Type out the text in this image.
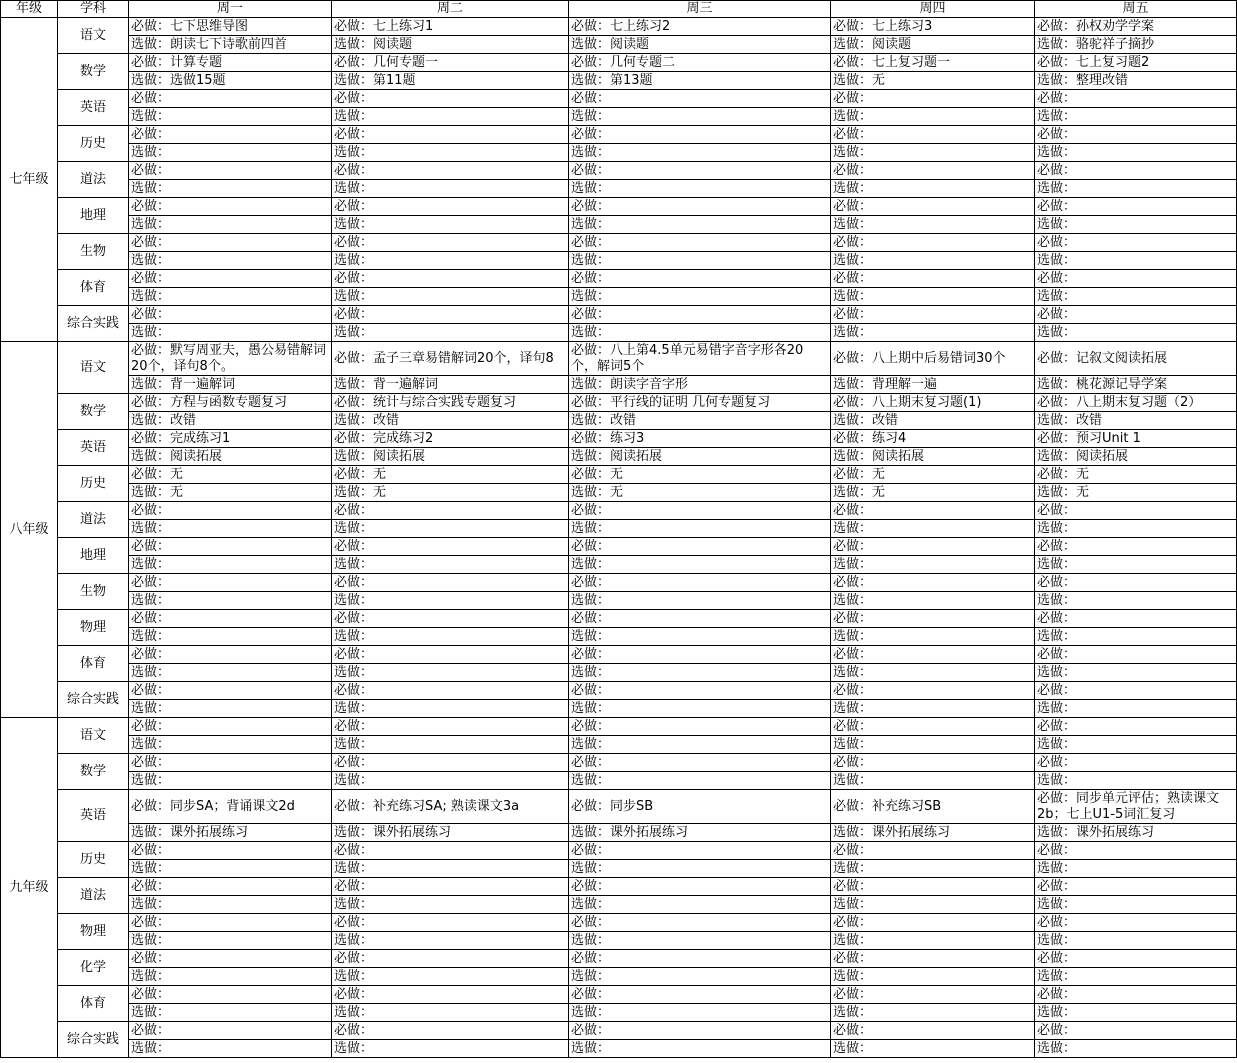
年级	学科	周一	周二	周三	周四	周五
七年级	语文	必做：七下思维导图	必做：七上练习1	必做：七上练习2	必做：七上练习3	必做：孙权劝学学案
		选做：朗读七下诗歌前四首	选做：阅读题	选做：阅读题	选做：阅读题	选做：骆驼祥子摘抄
	数学	必做：计算专题	必做：几何专题一	必做：几何专题二	必做：七上复习题一	必做：七上复习题2
		选做：选做15题	选做：第11题	选做：第13题	选做：无	选做：整理改错
	英语	必做：	必做：	必做：	必做：	必做：
		选做：	选做：	选做：	选做：	选做：
	历史	必做：	必做：	必做：	必做：	必做：
		选做：	选做：	选做：	选做：	选做：
	道法	必做：	必做：	必做：	必做：	必做：
		选做：	选做：	选做：	选做：	选做：
	地理	必做：	必做：	必做：	必做：	必做：
		选做：	选做：	选做：	选做：	选做：
	生物	必做：	必做：	必做：	必做：	必做：
		选做：	选做：	选做：	选做：	选做：
	体育	必做：	必做：	必做：	必做：	必做：
		选做：	选做：	选做：	选做：	选做：
	综合实践	必做：	必做：	必做：	必做：	必做：
		选做：	选做：	选做：	选做：	选做：
八年级	语文	必做：默写周亚夫，愚公易错解词20个，译句8个。	必做：孟子三章易错解词20个，译句8	必做：八上第4.5单元易错字音字形各20个，解词5个	必做：八上期中后易错词30个	必做：记叙文阅读拓展
		选做：背一遍解词	选做：背一遍解词	选做：朗读字音字形	选做：背理解一遍	选做：桃花源记导学案
	数学	必做：方程与函数专题复习	必做：统计与综合实践专题复习	必做：平行线的证明 几何专题复习	必做：八上期末复习题(1)	必做：八上期末复习题（2）
		选做：改错	选做：改错	选做：改错	选做：改错	选做：改错
	英语	必做：完成练习1	必做：完成练习2	必做：练习3	必做：练习4	必做：预习Unit 1
		选做：阅读拓展	选做：阅读拓展	选做：阅读拓展	选做：阅读拓展	选做：阅读拓展
	历史	必做：无	必做：无	必做：无	必做：无	必做：无
		选做：无	选做：无	选做：无	选做：无	选做：无
	道法	必做：	必做：	必做：	必做：	必做：
		选做：	选做：	选做：	选做：	选做：
	地理	必做：	必做：	必做：	必做：	必做：
		选做：	选做：	选做：	选做：	选做：
	生物	必做：	必做：	必做：	必做：	必做：
		选做：	选做：	选做：	选做：	选做：
	物理	必做：	必做：	必做：	必做：	必做：
		选做：	选做：	选做：	选做：	选做：
	体育	必做：	必做：	必做：	必做：	必做：
		选做：	选做：	选做：	选做：	选做：
	综合实践	必做：	必做：	必做：	必做：	必做：
		选做：	选做：	选做：	选做：	选做：
九年级	语文	必做：	必做：	必做：	必做：	必做：
		选做：	选做：	选做：	选做：	选做：
	数学	必做：	必做：	必做：	必做：	必做：
		选做：	选做：	选做：	选做：	选做：
	英语	必做：同步SA；背诵课文2d	必做：补充练习SA; 熟读课文3a	必做：同步SB	必做：补充练习SB	必做：同步单元评估；熟读课文2b；七上U1-5词汇复习
		选做：课外拓展练习	选做：课外拓展练习	选做：课外拓展练习	选做：课外拓展练习	选做：课外拓展练习
	历史	必做：	必做：	必做：	必做：	必做：
		选做：	选做：	选做：	选做：	选做：
	道法	必做：	必做：	必做：	必做：	必做：
		选做：	选做：	选做：	选做：	选做：
	物理	必做：	必做：	必做：	必做：	必做：
		选做：	选做：	选做：	选做：	选做：
	化学	必做：	必做：	必做：	必做：	必做：
		选做：	选做：	选做：	选做：	选做：
	体育	必做：	必做：	必做：	必做：	必做：
		选做：	选做：	选做：	选做：	选做：
	综合实践	必做：	必做：	必做：	必做：	必做：
		选做：	选做：	选做：	选做：	选做：
